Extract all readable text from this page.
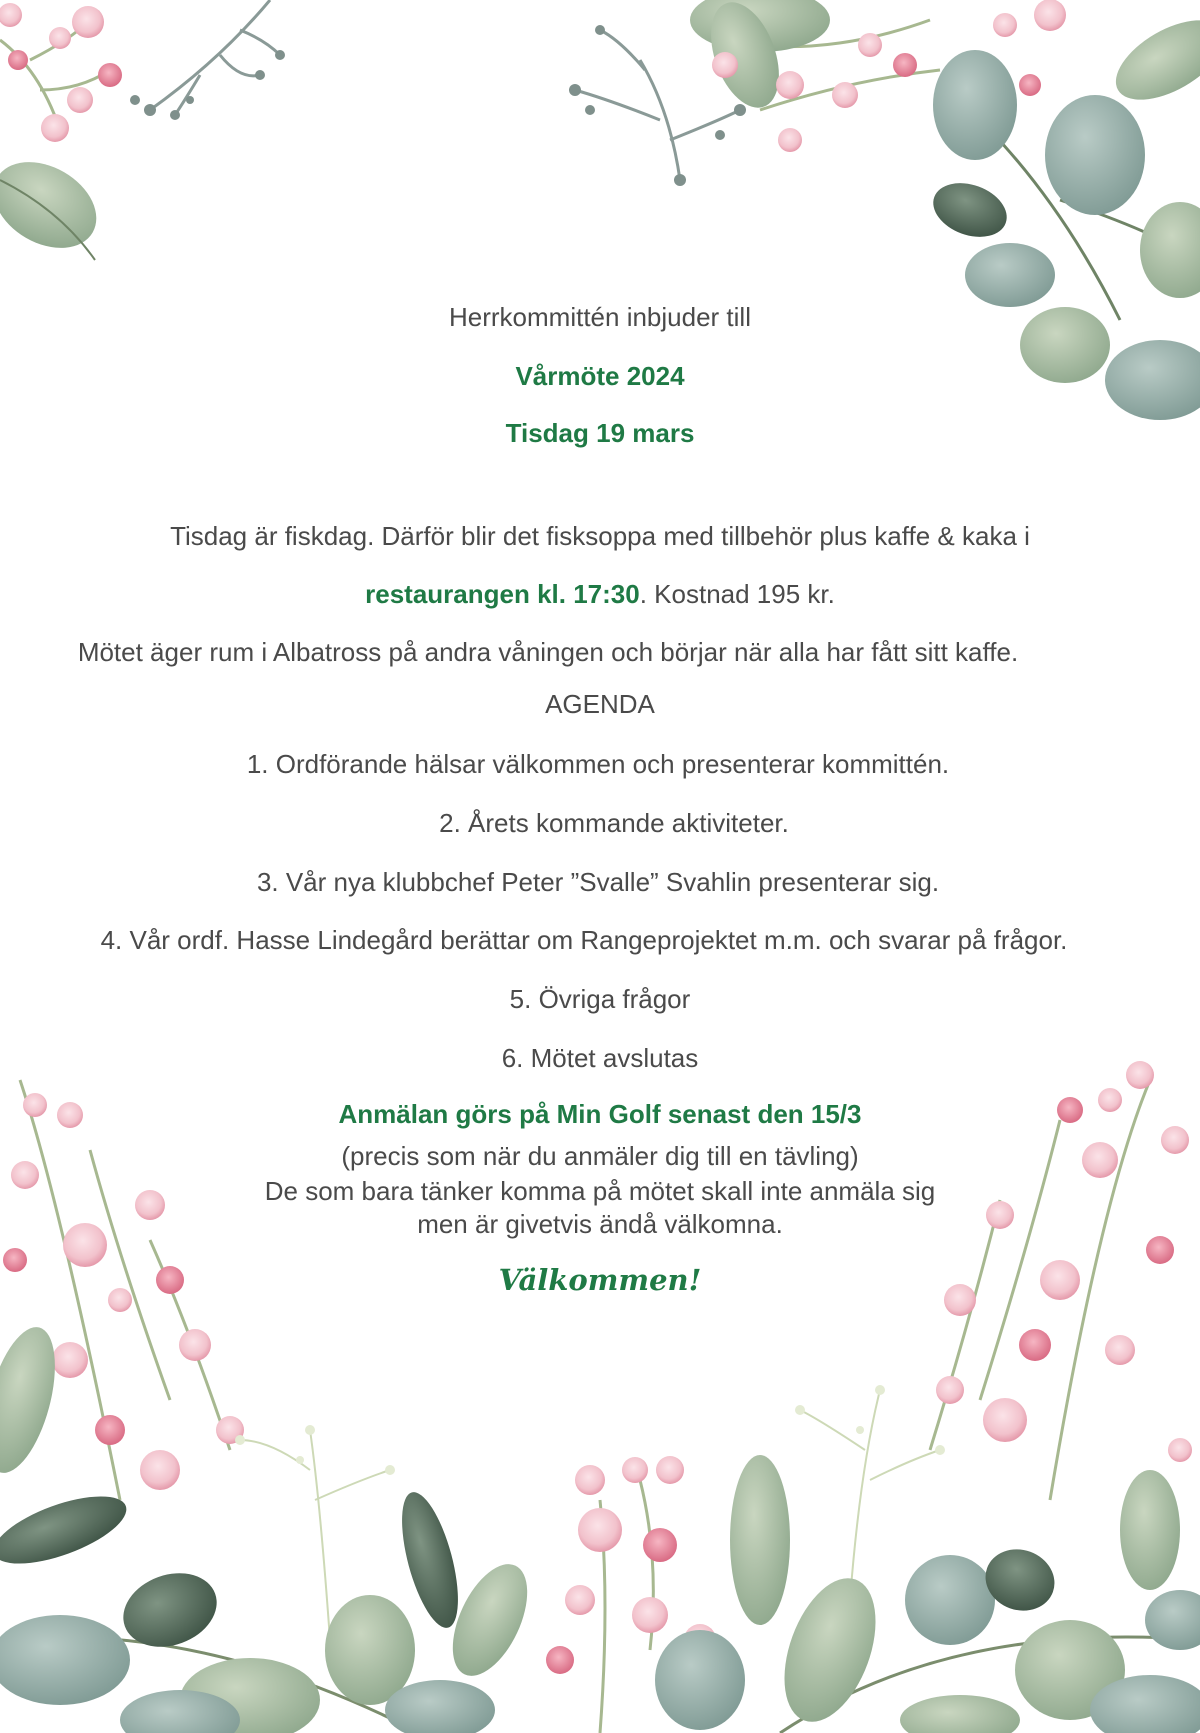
Herrkommittén inbjuder till
Vårmöte 2024
Tisdag 19 mars
Tisdag är fiskdag. Därför blir det fisksoppa med tillbehör plus kaffe & kaka i
restaurangen kl. 17:30. Kostnad 195 kr.
Mötet äger rum i Albatross på andra våningen och börjar när alla har fått sitt kaffe.
AGENDA
1. Ordförande hälsar välkommen och presenterar kommittén.
2. Årets kommande aktiviteter.
3. Vår nya klubbchef Peter ”Svalle” Svahlin presenterar sig.
4. Vår ordf. Hasse Lindegård berättar om Rangeprojektet m.m. och svarar på frågor.
5. Övriga frågor
6. Mötet avslutas
Anmälan görs på Min Golf senast den 15/3
(precis som när du anmäler dig till en tävling)
De som bara tänker komma på mötet skall inte anmäla sig
men är givetvis ändå välkomna.
Välkommen!
